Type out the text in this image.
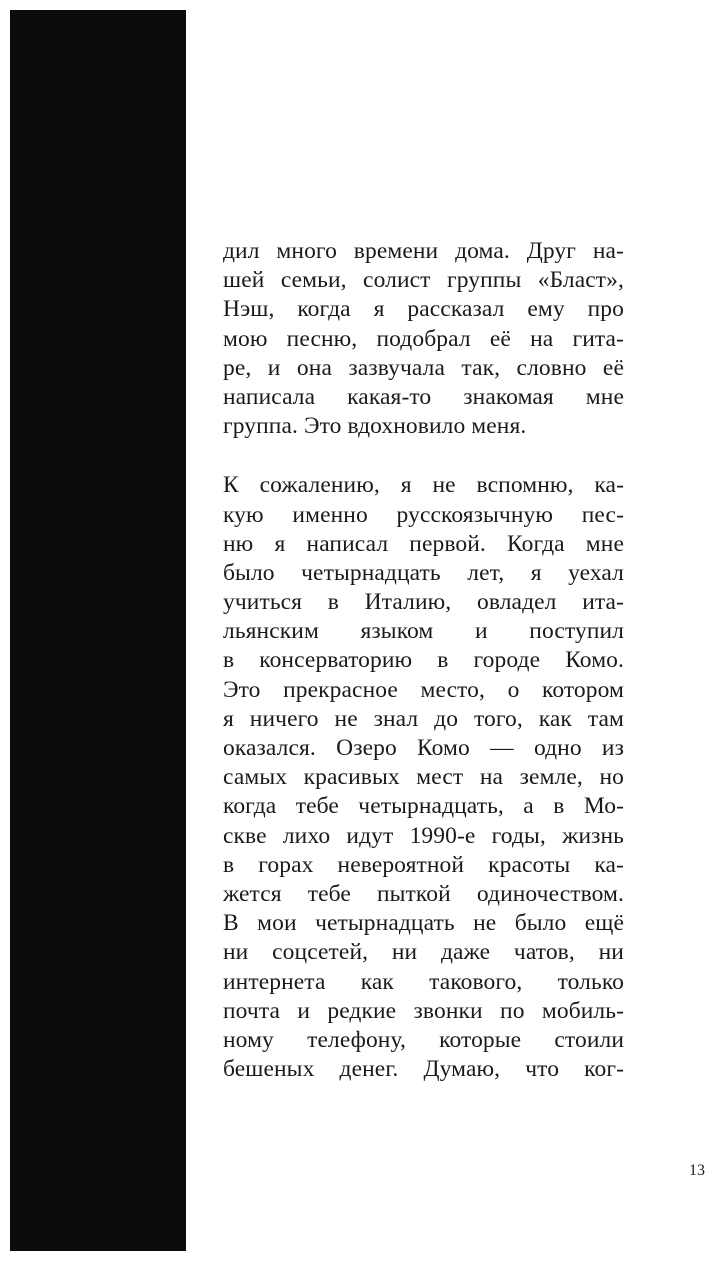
дил много времени дома. Друг на-
шей семьи, солист группы «Бласт»,
Нэш, когда я рассказал ему про
мою песню, подобрал её на гита-
ре, и она зазвучала так, словно её
написала какая-то знакомая мне
группа. Это вдохновило меня.
К сожалению, я не вспомню, ка-
кую именно русскоязычную пес-
ню я написал первой. Когда мне
было четырнадцать лет, я уехал
учиться в Италию, овладел ита-
льянским языком и поступил
в консерваторию в городе Комо.
Это прекрасное место, о котором
я ничего не знал до того, как там
оказался. Озеро Комо — одно из
самых красивых мест на земле, но
когда тебе четырнадцать, а в Мо-
скве лихо идут 1990-е годы, жизнь
в горах невероятной красоты ка-
жется тебе пыткой одиночеством.
В мои четырнадцать не было ещё
ни соцсетей, ни даже чатов, ни
интернета как такового, только
почта и редкие звонки по мобиль-
ному телефону, которые стоили
бешеных денег. Думаю, что ког-
13
